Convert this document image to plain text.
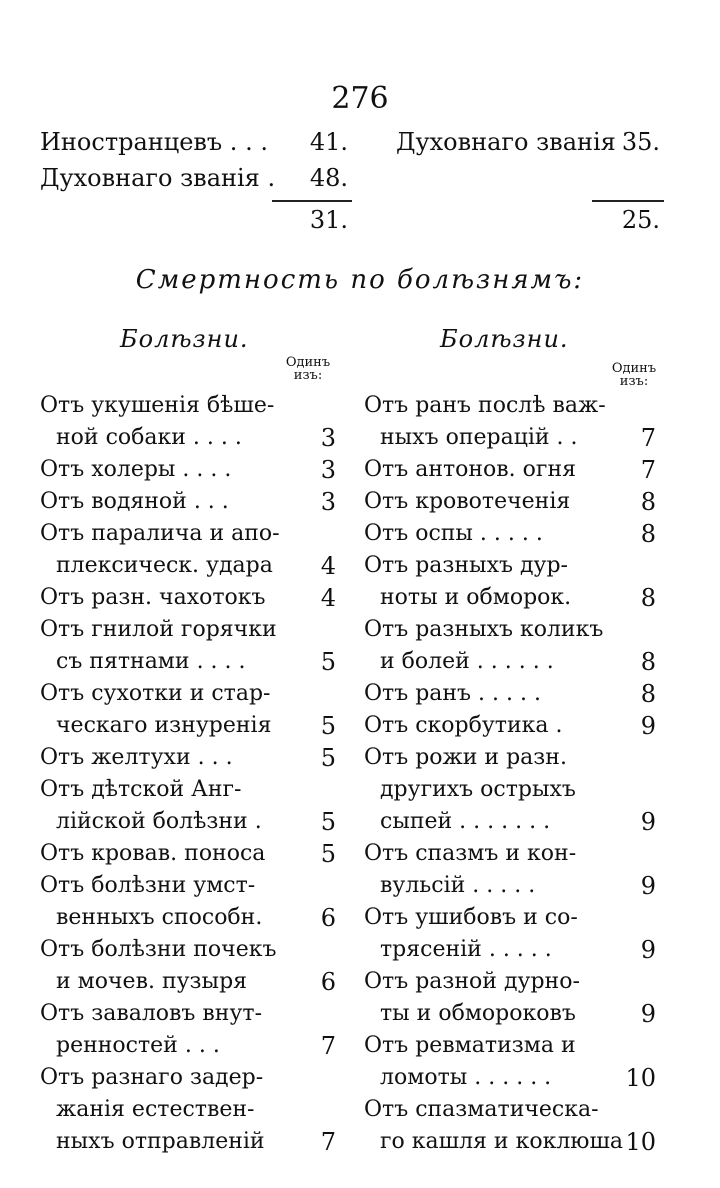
276
Иностранцевъ . . . 41.
Духовнаго званія . 48.
31.
Духовнаго званія 35.
25.
Смертность по болѣзнямъ:
Болѣзни.	Болѣзни.
Одинъ
изъ:	Одинъ
изъ:
Отъ укушенія бѣше-
ной собаки . . . .	3
Отъ холеры . . . .	3
Отъ водяной . . .	3
Отъ паралича и апо-
плексическ. удара	4
Отъ разн. чахотокъ	4
Отъ гнилой горячки
съ пятнами . . . .	5
Отъ сухотки и стар-
ческаго изнуренія	5
Отъ желтухи . . .	5
Отъ дѣтской Анг-
лійской болѣзни .	5
Отъ кровав. поноса	5
Отъ болѣзни умст-
венныхъ способн.	6
Отъ болѣзни почекъ
и мочев. пузыря	6
Отъ заваловъ внут-
ренностей . . .	7
Отъ разнаго задер-
жанія естествен-
ныхъ отправленій	7
Отъ ранъ послѣ важ-
ныхъ операцій . .	7
Отъ антонов. огня	7
Отъ кровотеченія	8
Отъ оспы . . . . .	8
Отъ разныхъ дур-
ноты и обморок.	8
Отъ разныхъ коликъ
и болей . . . . . .	8
Отъ ранъ . . . . .	8
Отъ скорбутика .	9
Отъ рожи и разн.
другихъ острыхъ
сыпей . . . . . . .	9
Отъ спазмъ и кон-
вульсій . . . . .	9
Отъ ушибовъ и со-
трясеній . . . . .	9
Отъ разной дурно-
ты и обмороковъ	9
Отъ ревматизма и
ломоты . . . . . .	10
Отъ спазматическа-
го кашля и коклюша 10
